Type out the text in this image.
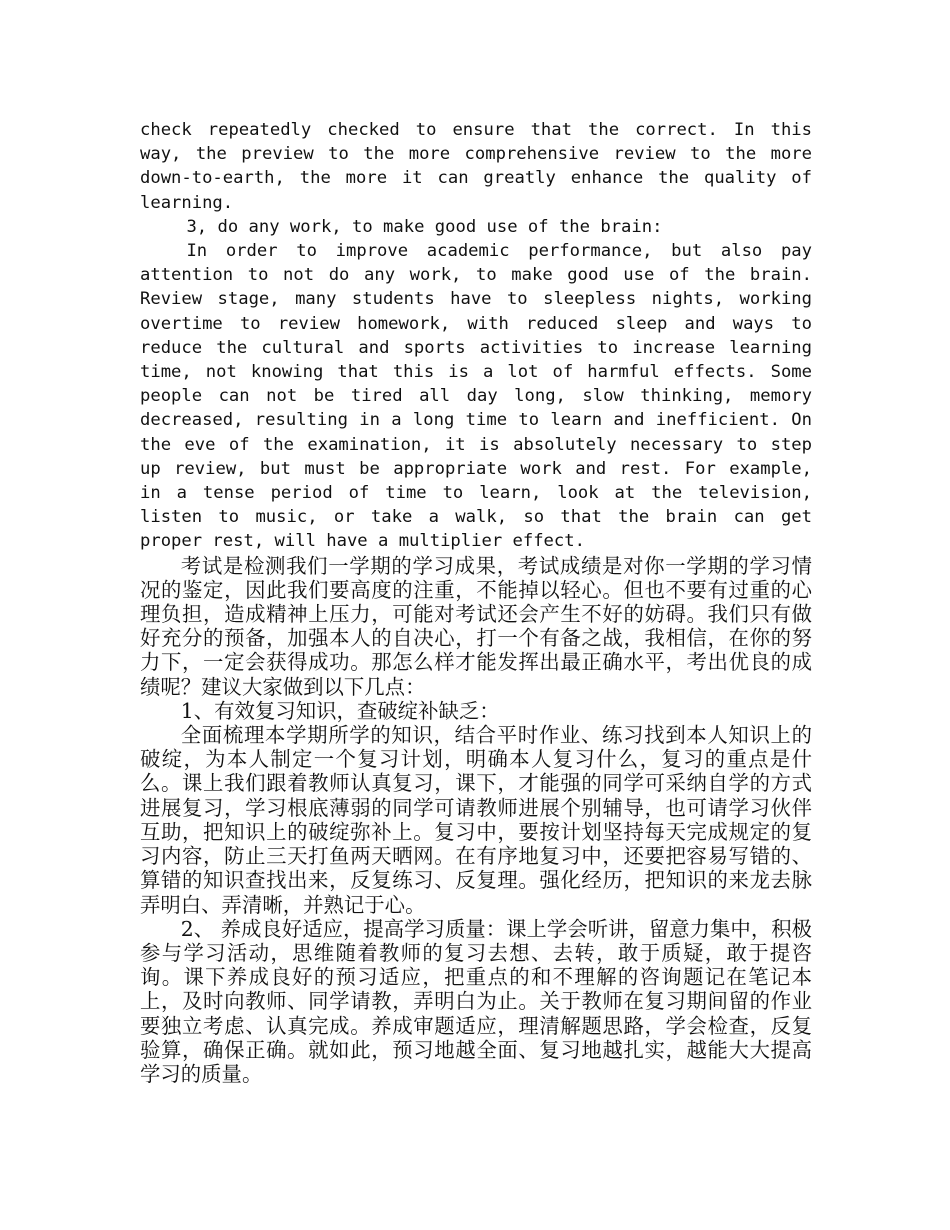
check repeatedly checked to ensure that the correct. In this way, the preview to the more comprehensive review to the more down-to-earth, the more it can greatly enhance the quality of learning.

3, do any work, to make good use of the brain:

In order to improve academic performance, but also pay attention to not do any work, to make good use of the brain. Review stage, many students have to sleepless nights, working overtime to review homework, with reduced sleep and ways to reduce the cultural and sports activities to increase learning time, not knowing that this is a lot of harmful effects. Some people can not be tired all day long, slow thinking, memory decreased, resulting in a long time to learn and inefficient. On the eve of the examination, it is absolutely necessary to step up review, but must be appropriate work and rest. For example, in a tense period of time to learn, look at the television, listen to music, or take a walk, so that the brain can get proper rest, will have a multiplier effect.

考试是检测我们一学期的学习成果，考试成绩是对你一学期的学习情况的鉴定，因此我们要高度的注重，不能掉以轻心。但也不要有过重的心理负担，造成精神上压力，可能对考试还会产生不好的妨碍。我们只有做好充分的预备，加强本人的自决心，打一个有备之战，我相信，在你的努力下，一定会获得成功。那怎么样才能发挥出最正确水平，考出优良的成绩呢？建议大家做到以下几点：

1、有效复习知识，查破绽补缺乏：

全面梳理本学期所学的知识，结合平时作业、练习找到本人知识上的破绽，为本人制定一个复习计划，明确本人复习什么，复习的重点是什么。课上我们跟着教师认真复习，课下，才能强的同学可采纳自学的方式进展复习，学习根底薄弱的同学可请教师进展个别辅导，也可请学习伙伴互助，把知识上的破绽弥补上。复习中，要按计划坚持每天完成规定的复习内容，防止三天打鱼两天晒网。在有序地复习中，还要把容易写错的、算错的知识查找出来，反复练习、反复理。强化经历，把知识的来龙去脉弄明白、弄清晰，并熟记于心。

2、 养成良好适应，提高学习质量：课上学会听讲，留意力集中，积极参与学习活动，思维随着教师的复习去想、去转，敢于质疑，敢于提咨询。课下养成良好的预习适应，把重点的和不理解的咨询题记在笔记本上，及时向教师、同学请教，弄明白为止。关于教师在复习期间留的作业要独立考虑、认真完成。养成审题适应，理清解题思路，学会检查，反复验算，确保正确。就如此，预习地越全面、复习地越扎实，越能大大提高学习的质量。
